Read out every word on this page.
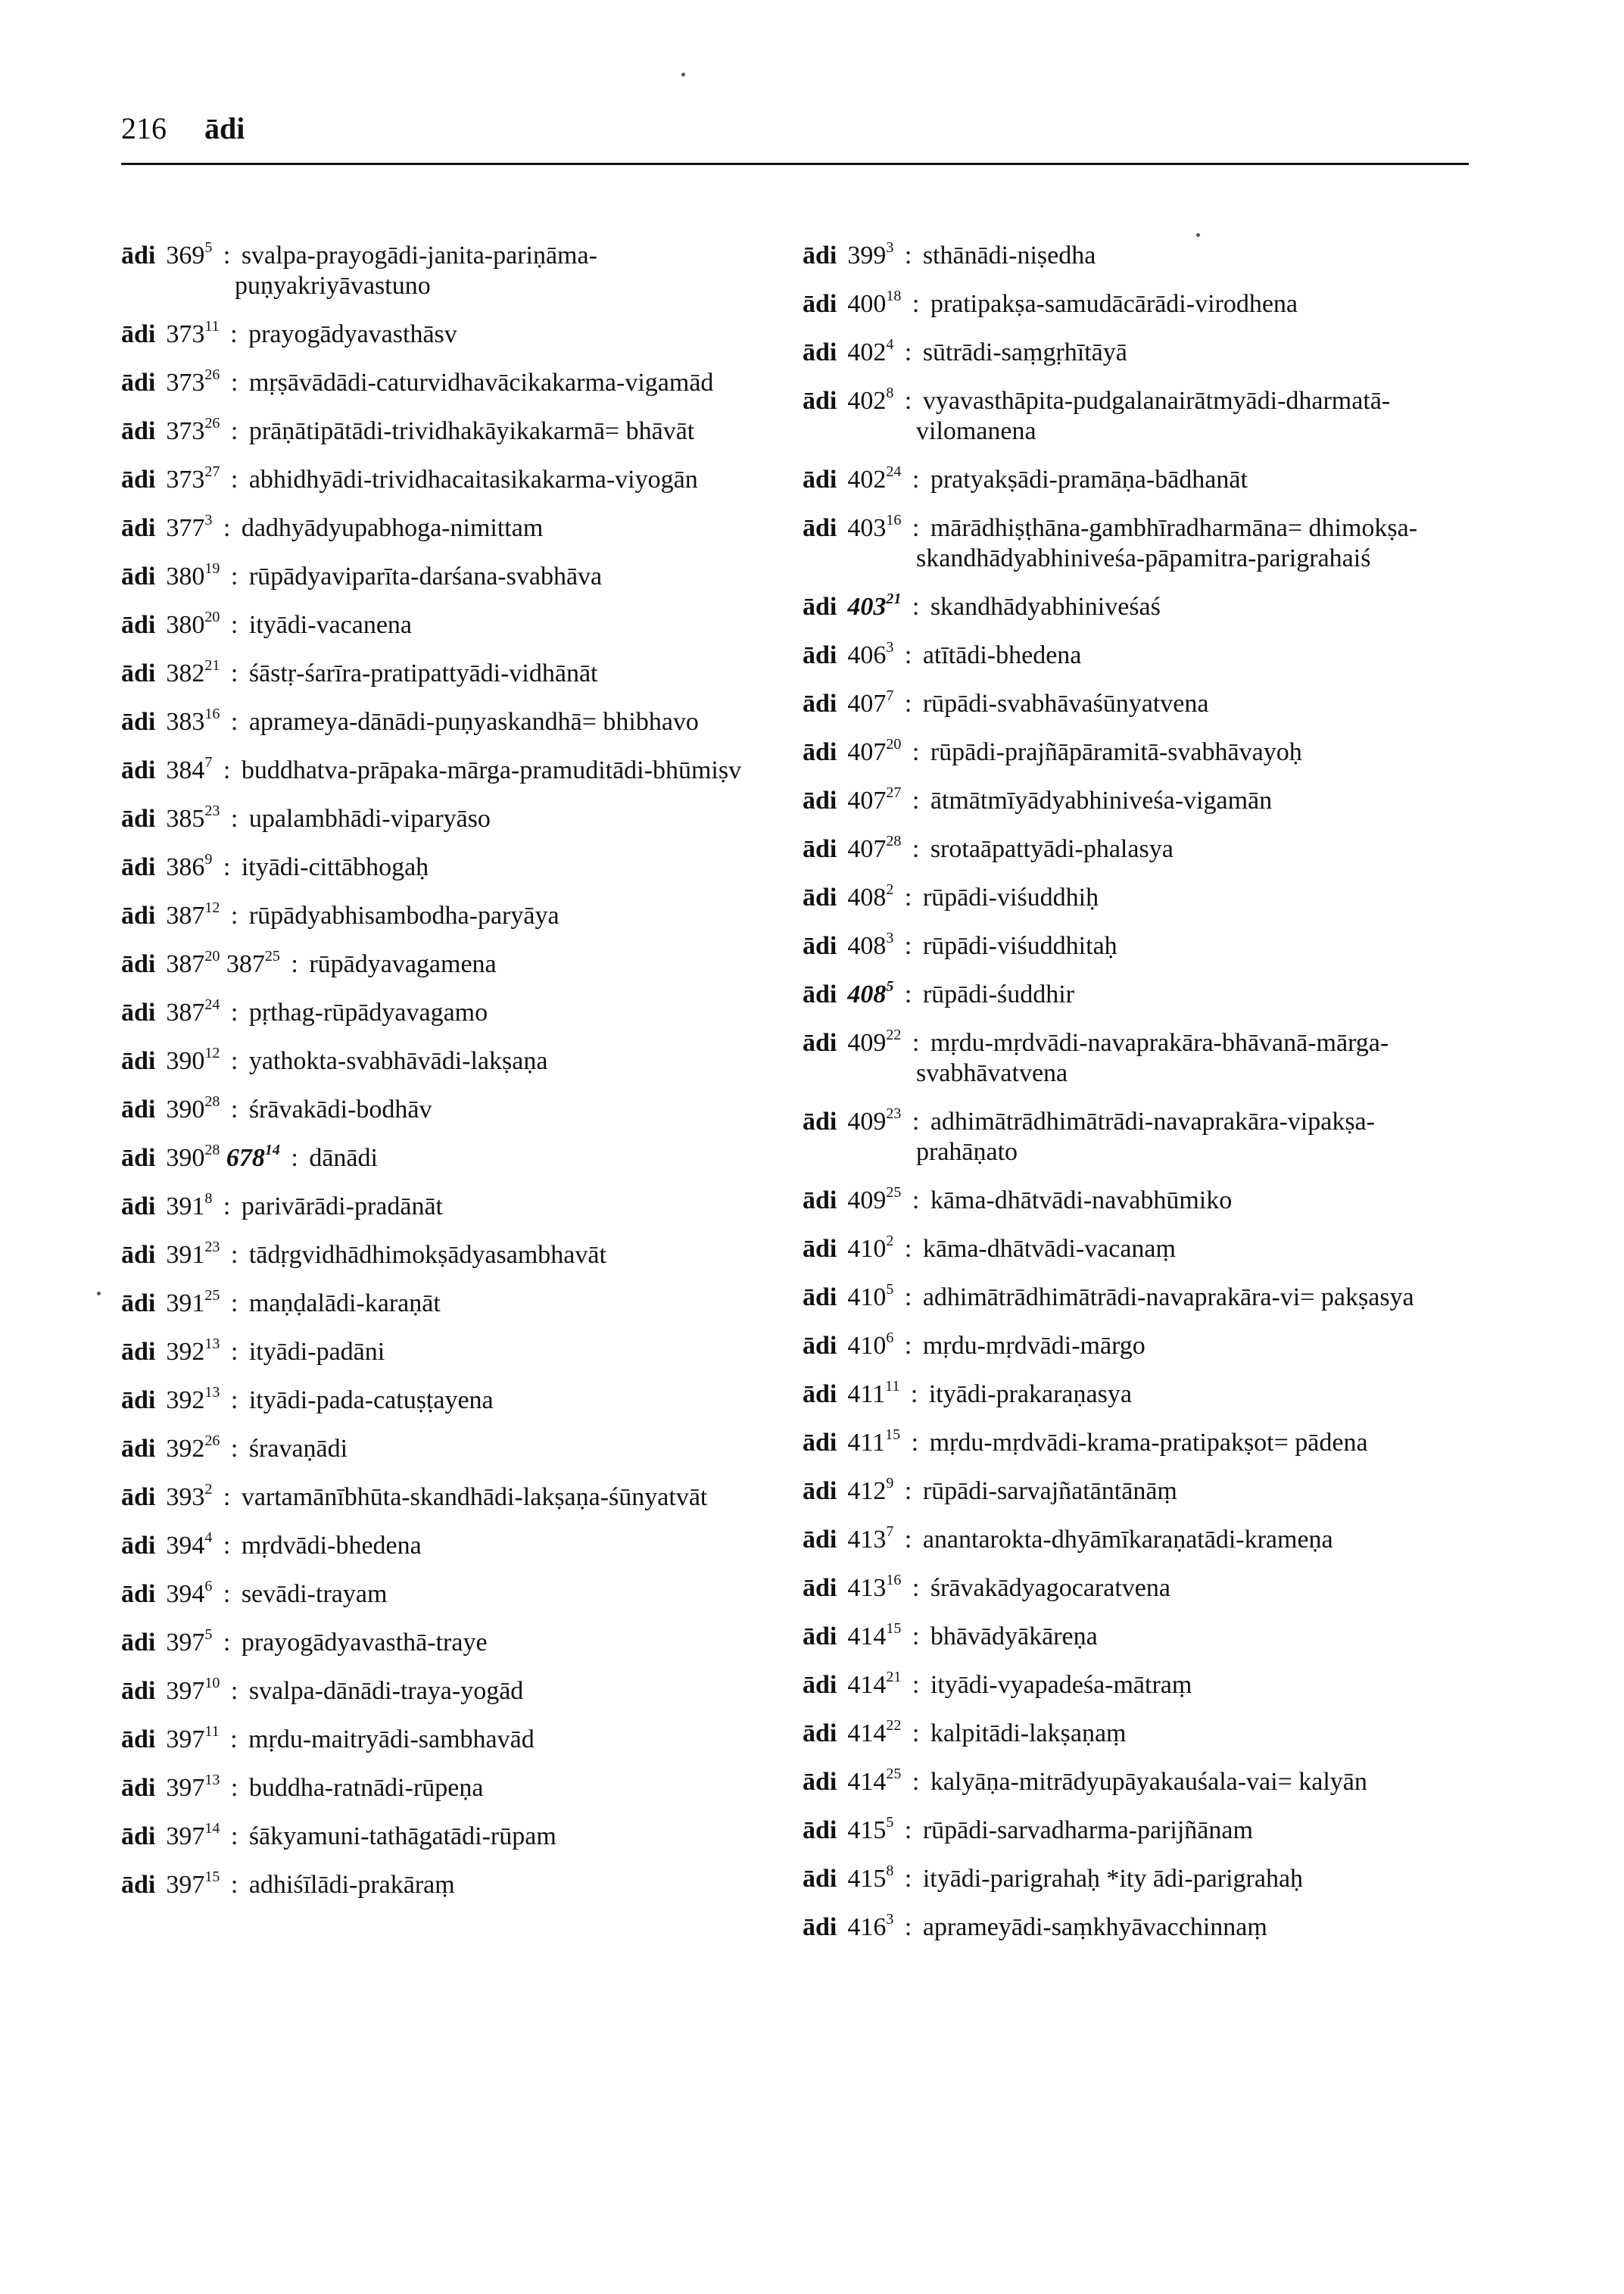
216 ādi
ādi $369^5$ : svalpa-prayogādi-janita-pariṇāma-puṇyakriyāvastuno
ādi $373^{11}$ : prayogādyavasthāsv
ādi $373^{26}$ : mṛṣāvādādi-caturvidhavācikakarma-vigamād
ādi $373^{26}$ : prāṇātipātādi-trividhakāyikakarmā= bhāvāt
ādi $373^{27}$ : abhidhyādi-trividhacaitasikakarma-viyogān
ādi $377^3$ : dadhyādyupabhoga-nimittam
ādi $380^{19}$ : rūpādyaviparīta-darśana-svabhāva
ādi $380^{20}$ : ityādi-vacanena
ādi $382^{21}$ : śāstṛ-śarīra-pratipattyādi-vidhānāt
ādi $383^{16}$ : aprameya-dānādi-puṇyaskandhā= bhibhavo
ādi $384^7$ : buddhatva-prāpaka-mārga-pramuditādi-bhūmiṣv
ādi $385^{23}$ : upalambhādi-viparyāso
ādi $386^9$ : ityādi-cittābhogaḥ
ādi $387^{12}$ : rūpādyabhisambodha-paryāya
ādi $387^{20}$ $387^{25}$ : rūpādyavagamena
ādi $387^{24}$ : pṛthag-rūpādyavagamo
ādi $390^{12}$ : yathokta-svabhāvādi-lakṣaṇa
ādi $390^{28}$ : śrāvakādi-bodhāv
ādi $390^{28}$ $678^{14}$ : dānādi
ādi $391^8$ : parivārādi-pradānāt
ādi $391^{23}$ : tādṛgvidhādhimokṣādyasambhavāt
ādi $391^{25}$ : maṇḍalādi-karaṇāt
ādi $392^{13}$ : ityādi-padāni
ādi $392^{13}$ : ityādi-pada-catuṣṭayena
ādi $392^{26}$ : śravaṇādi
ādi $393^2$ : vartamānībhūta-skandhādi-lakṣaṇa-śūnyatvāt
ādi $394^4$ : mṛdvādi-bhedena
ādi $394^6$ : sevādi-trayam
ādi $397^5$ : prayogādyavasthā-traye
ādi $397^{10}$ : svalpa-dānādi-traya-yogād
ādi $397^{11}$ : mṛdu-maitryādi-sambhavād
ādi $397^{13}$ : buddha-ratnādi-rūpeṇa
ādi $397^{14}$ : śākyamuni-tathāgatādi-rūpam
ādi $397^{15}$ : adhiśīlādi-prakāraṃ
ādi $399^3$ : sthānādi-niṣedha
ādi $400^{18}$ : pratipakṣa-samudācārādi-virodhena
ādi $402^4$ : sūtrādi-saṃgṛhītāyā
ādi $402^8$ : vyavasthāpita-pudgalanairātmyādi-dharmatā-vilomanena
ādi $402^{24}$ : pratyakṣādi-pramāṇa-bādhanāt
ādi $403^{16}$ : mārādhiṣṭhāna-gambhīradharmāna= dhimokṣa-skandhādyabhiniveśa-pāpamitra-parigrahaiś
ādi $403^{21}$ : skandhādyabhiniveśaś
ādi $406^3$ : atītādi-bhedena
ādi $407^7$ : rūpādi-svabhāvaśūnyatvena
ādi $407^{20}$ : rūpādi-prajñāpāramitā-svabhāvayoḥ
ādi $407^{27}$ : ātmātmīyādyabhiniveśa-vigamān
ādi $407^{28}$ : srotaāpattyādi-phalasya
ādi $408^2$ : rūpādi-viśuddhiḥ
ādi $408^3$ : rūpādi-viśuddhitaḥ
ādi $408^5$ : rūpādi-śuddhir
ādi $409^{22}$ : mṛdu-mṛdvādi-navaprakāra-bhāvanā-mārga-svabhāvatvena
ādi $409^{23}$ : adhimātrādhimātrādi-navaprakāra-vipakṣa-prahāṇato
ādi $409^{25}$ : kāma-dhātvādi-navabhūmiko
ādi $410^2$ : kāma-dhātvādi-vacanaṃ
ādi $410^5$ : adhimātrādhimātrādi-navaprakāra-vi= pakṣasya
ādi $410^6$ : mṛdu-mṛdvādi-mārgo
ādi $411^{11}$ : ityādi-prakaraṇasya
ādi $411^{15}$ : mṛdu-mṛdvādi-krama-pratipakṣot= pādena
ādi $412^9$ : rūpādi-sarvajñatāntānāṃ
ādi $413^7$ : anantarokta-dhyāmīkaraṇatādi-krameṇa
ādi $413^{16}$ : śrāvakādyagocaratvena
ādi $414^{15}$ : bhāvādyākāreṇa
ādi $414^{21}$ : ityādi-vyapadeśa-mātraṃ
ādi $414^{22}$ : kalpitādi-lakṣaṇaṃ
ādi $414^{25}$ : kalyāṇa-mitrādyupāyakauśala-vai= kalyān
ādi $415^5$ : rūpādi-sarvadharma-parijñānam
ādi $415^8$ : ityādi-parigrahaḥ *ity ādi-parigrahaḥ
ādi $416^3$ : aprameyādi-saṃkhyāvacchinnaṃ
